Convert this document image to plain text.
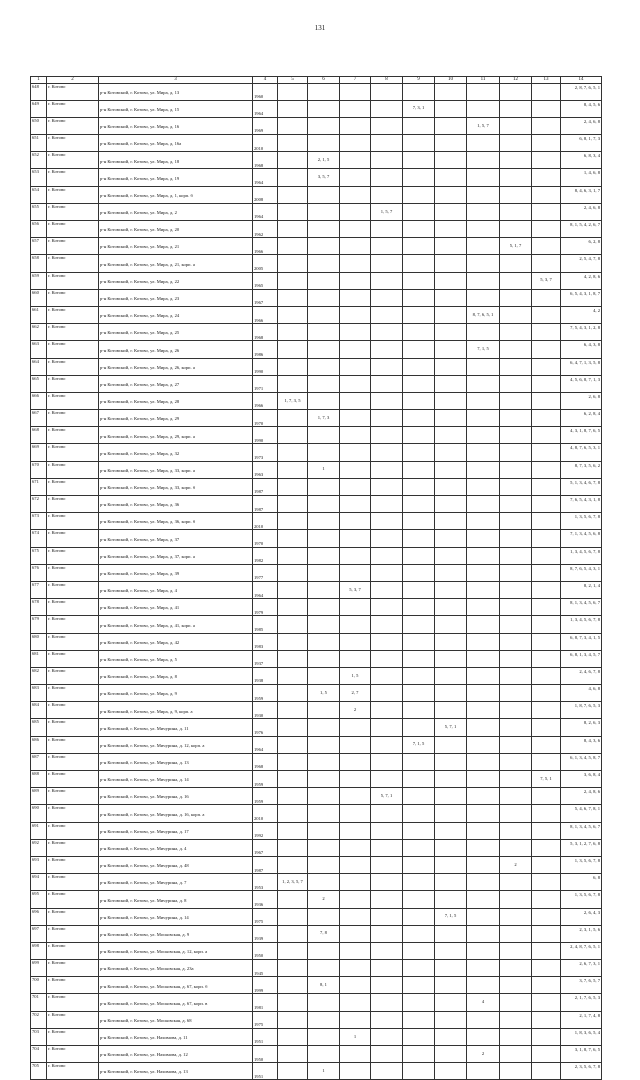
131
1	2	3	4	5	6	7	8	9	10	11	12	13	14
648	г. Котово	р-н Котовский, г. Котово, ул. Мира, д. 13	1960										2, 8, 7, 6, 5, 1
649	г. Котово	р-н Котовский, г. Котово, ул. Мира, д. 15	1964					7, 3, 1					8, 4, 5, 6
650	г. Котово	р-н Котовский, г. Котово, ул. Мира, д. 16	1969							1, 5, 7			2, 4, 6, 8
651	г. Котово	р-н Котовский, г. Котово, ул. Мира, д. 16а	2010										6, 8, 1, 7, 3
652	г. Котово	р-н Котовский, г. Котово, ул. Мира, д. 18	1968		2, 1, 5								6, 8, 3, 4
653	г. Котово	р-н Котовский, г. Котово, ул. Мира, д. 19	1964		3, 5, 7								1, 4, 6, 8
654	г. Котово	р-н Котовский, г. Котово, ул. Мира, д. 1, корп. б	2008										8, 4, 6, 3, 1, 7
655	г. Котово	р-н Котовский, г. Котово, ул. Мира, д. 2	1964				1, 5, 7						2, 4, 6, 8
656	г. Котово	р-н Котовский, г. Котово, ул. Мира, д. 20	1962										8, 1, 5, 4, 2, 6, 7
657	г. Котово	р-н Котовский, г. Котово, ул. Мира, д. 21	1966								5, 1, 7		6, 2, 8
658	г. Котово	р-н Котовский, г. Котово, ул. Мира, д. 21, корп. а	2005										2, 5, 4, 7, 8
659	г. Котово	р-н Котовский, г. Котово, ул. Мира, д. 22	1965									5, 3, 7	4, 2, 8, 6
660	г. Котово	р-н Котовский, г. Котово, ул. Мира, д. 23	1967										6, 5, 4, 3, 1, 8, 7
661	г. Котово	р-н Котовский, г. Котово, ул. Мира, д. 24	1966							8, 7, 6, 5, 1			4, 2
662	г. Котово	р-н Котовский, г. Котово, ул. Мира, д. 25	1968										7, 5, 4, 3, 1, 2, 8
663	г. Котово	р-н Котовский, г. Котово, ул. Мира, д. 26	1986							7, 1, 5			6, 4, 3, 8
664	г. Котово	р-н Котовский, г. Котово, ул. Мира, д. 26, корп. а	1990										6, 4, 7, 1, 3, 5, 8
665	г. Котово	р-н Котовский, г. Котово, ул. Мира, д. 27	1971										4, 5, 6, 8, 7, 1, 3
666	г. Котово	р-н Котовский, г. Котово, ул. Мира, д. 28	1966	1, 7, 3, 5									2, 6, 8
667	г. Котово	р-н Котовский, г. Котово, ул. Мира, д. 29	1970		1, 7, 3								6, 2, 8, 4
668	г. Котово	р-н Котовский, г. Котово, ул. Мира, д. 29, корп. а	1990										4, 3, 1, 8, 7, 6, 5
669	г. Котово	р-н Котовский, г. Котово, ул. Мира, д. 32	1973										4, 8, 7, 6, 5, 3, 1
670	г. Котово	р-н Котовский, г. Котово, ул. Мира, д. 33, корп. а	1963		1								8, 7, 3, 5, 6, 2
671	г. Котово	р-н Котовский, г. Котово, ул. Мира, д. 33, корп. б	1987										5, 1, 3, 4, 6, 7, 8
672	г. Котово	р-н Котовский, г. Котово, ул. Мира, д. 36	1987										7, 6, 5, 4, 3, 1, 8
673	г. Котово	р-н Котовский, г. Котово, ул. Мира, д. 36, корп. б	2010										1, 3, 5, 6, 7, 8
674	г. Котово	р-н Котовский, г. Котово, ул. Мира, д. 37	1970										7, 1, 3, 4, 5, 6, 8
675	г. Котово	р-н Котовский, г. Котово, ул. Мира, д. 37, корп. а	1982										1, 3, 4, 5, 6, 7, 8
676	г. Котово	р-н Котовский, г. Котово, ул. Мира, д. 39	1977										8, 7, 6, 5, 4, 3, 1
677	г. Котово	р-н Котовский, г. Котово, ул. Мира, д. 4	1964			5, 3, 7							8, 2, 1, 4
678	г. Котово	р-н Котовский, г. Котово, ул. Мира, д. 41	1979										8, 1, 3, 4, 5, 6, 7
679	г. Котово	р-н Котовский, г. Котово, ул. Мира, д. 41, корп. а	1985										1, 3, 4, 5, 6, 7, 8
680	г. Котово	р-н Котовский, г. Котово, ул. Мира, д. 42	1983										6, 8, 7, 3, 4, 1, 5
681	г. Котово	р-н Котовский, г. Котово, ул. Мира, д. 5	1937										6, 8, 1, 3, 4, 5, 7
682	г. Котово	р-н Котовский, г. Котово, ул. Мира, д. 8	1938			1, 5							2, 4, 6, 7, 8
683	г. Котово	р-н Котовский, г. Котово, ул. Мира, д. 9	1959		1, 5	2, 7							4, 6, 8
684	г. Котово	р-н Котовский, г. Котово, ул. Мира, д. 9, корп. а	1930			2							1, 8, 7, 6, 5, 3
685	г. Котово	р-н Котовский, г. Котово, ул. Мичурина, д. 11	1976						5, 7, 1				8, 2, 6, 3
686	г. Котово	р-н Котовский, г. Котово, ул. Мичурина, д. 12, корп. а	1964					7, 1, 5					8, 4, 3, 6
687	г. Котово	р-н Котовский, г. Котово, ул. Мичурина, д. 13	1968										6, 1, 3, 4, 5, 8, 7
688	г. Котово	р-н Котовский, г. Котово, ул. Мичурина, д. 14	1959									7, 5, 1	3, 6, 8, 4
689	г. Котово	р-н Котовский, г. Котово, ул. Мичурина, д. 16	1959				5, 7, 1						2, 4, 8, 6
690	г. Котово	р-н Котовский, г. Котово, ул. Мичурина, д. 16, корп. а	2010										5, 4, 6, 7, 8, 1
691	г. Котово	р-н Котовский, г. Котово, ул. Мичурина, д. 17	1992										8, 1, 3, 4, 5, 6, 7
692	г. Котово	р-н Котовский, г. Котово, ул. Мичурина, д. 4	1967										5, 3, 1, 2, 7, 6, 8
693	г. Котово	р-н Котовский, г. Котово, ул. Мичурина, д. 48	1987								2		1, 3, 5, 6, 7, 8
694	г. Котово	р-н Котовский, г. Котово, ул. Мичурина, д. 7	1953	1, 2, 3, 5, 7									6, 8
695	г. Котово	р-н Котовский, г. Котово, ул. Мичурина, д. 8	1936		2								1, 3, 5, 6, 7, 8
696	г. Котово	р-н Котовский, г. Котово, ул. Мичурина, д. 14	1975						7, 1, 5				2, 6, 4, 3
697	г. Котово	р-н Котовский, г. Котово, ул. Московская, д. 9	1939		7, 8								2, 3, 1, 5, 6
698	г. Котово	р-н Котовский, г. Котово, ул. Московская, д. 12, корп. а	1950										2, 4, 8, 7, 6, 5, 1
699	г. Котово	р-н Котовский, г. Котово, ул. Московская, д. 23а	1945										2, 6, 7, 3, 1
700	г. Котово	р-н Котовский, г. Котово, ул. Московская, д. 67, корп. б	1999		8, 1								3, 7, 6, 5, 7
701	г. Котово	р-н Котовский, г. Котово, ул. Московская, д. 67, корп. в	1981							4			2, 1, 7, 6, 5, 3
702	г. Котово	р-н Котовский, г. Котово, ул. Московская, д. 68	1975										2, 1, 7, 4, 8
703	г. Котово	р-н Котовский, г. Котово, ул. Нахимова, д. 11	1951			1							1, 8, 3, 6, 5, 4
704	г. Котово	р-н Котовский, г. Котово, ул. Нахимова, д. 12	1950							2			3, 1, 8, 7, 6, 5
705	г. Котово	р-н Котовский, г. Котово, ул. Нахимова, д. 13	1951		1								2, 3, 5, 6, 7, 8
